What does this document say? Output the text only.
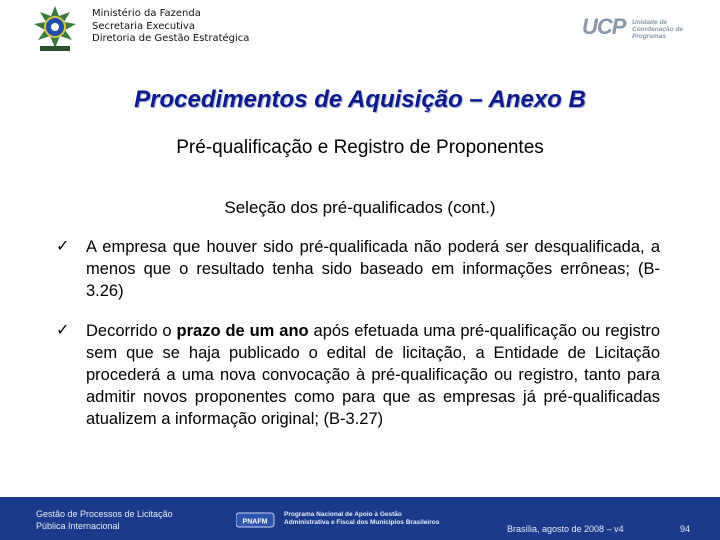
Ministério da Fazenda
Secretaria Executiva
Diretoria de Gestão Estratégica	UCP Unidade de
Coordenação de
Programas
Procedimentos de Aquisição – Anexo B
Pré-qualificação e Registro de Proponentes
Seleção dos pré-qualificados (cont.)
✓ A empresa que houver sido pré-qualificada não poderá ser desqualificada, a menos que o resultado tenha sido baseado em informações errôneas; (B-3.26)
✓ Decorrido o prazo de um ano após efetuada uma pré-qualificação ou registro sem que se haja publicado o edital de licitação, a Entidade de Licitação procederá a uma nova convocação à pré-qualificação ou registro, tanto para admitir novos proponentes como para que as empresas já pré-qualificadas atualizem a informação original; (B-3.27)
Gestão de Processos de Licitação
Pública Internacional	PNAFM
Programa Nacional de Apoio à Gestão
Administrativa e Fiscal dos Municípios Brasileiros
Brasília, agosto de 2008 – v4	94
